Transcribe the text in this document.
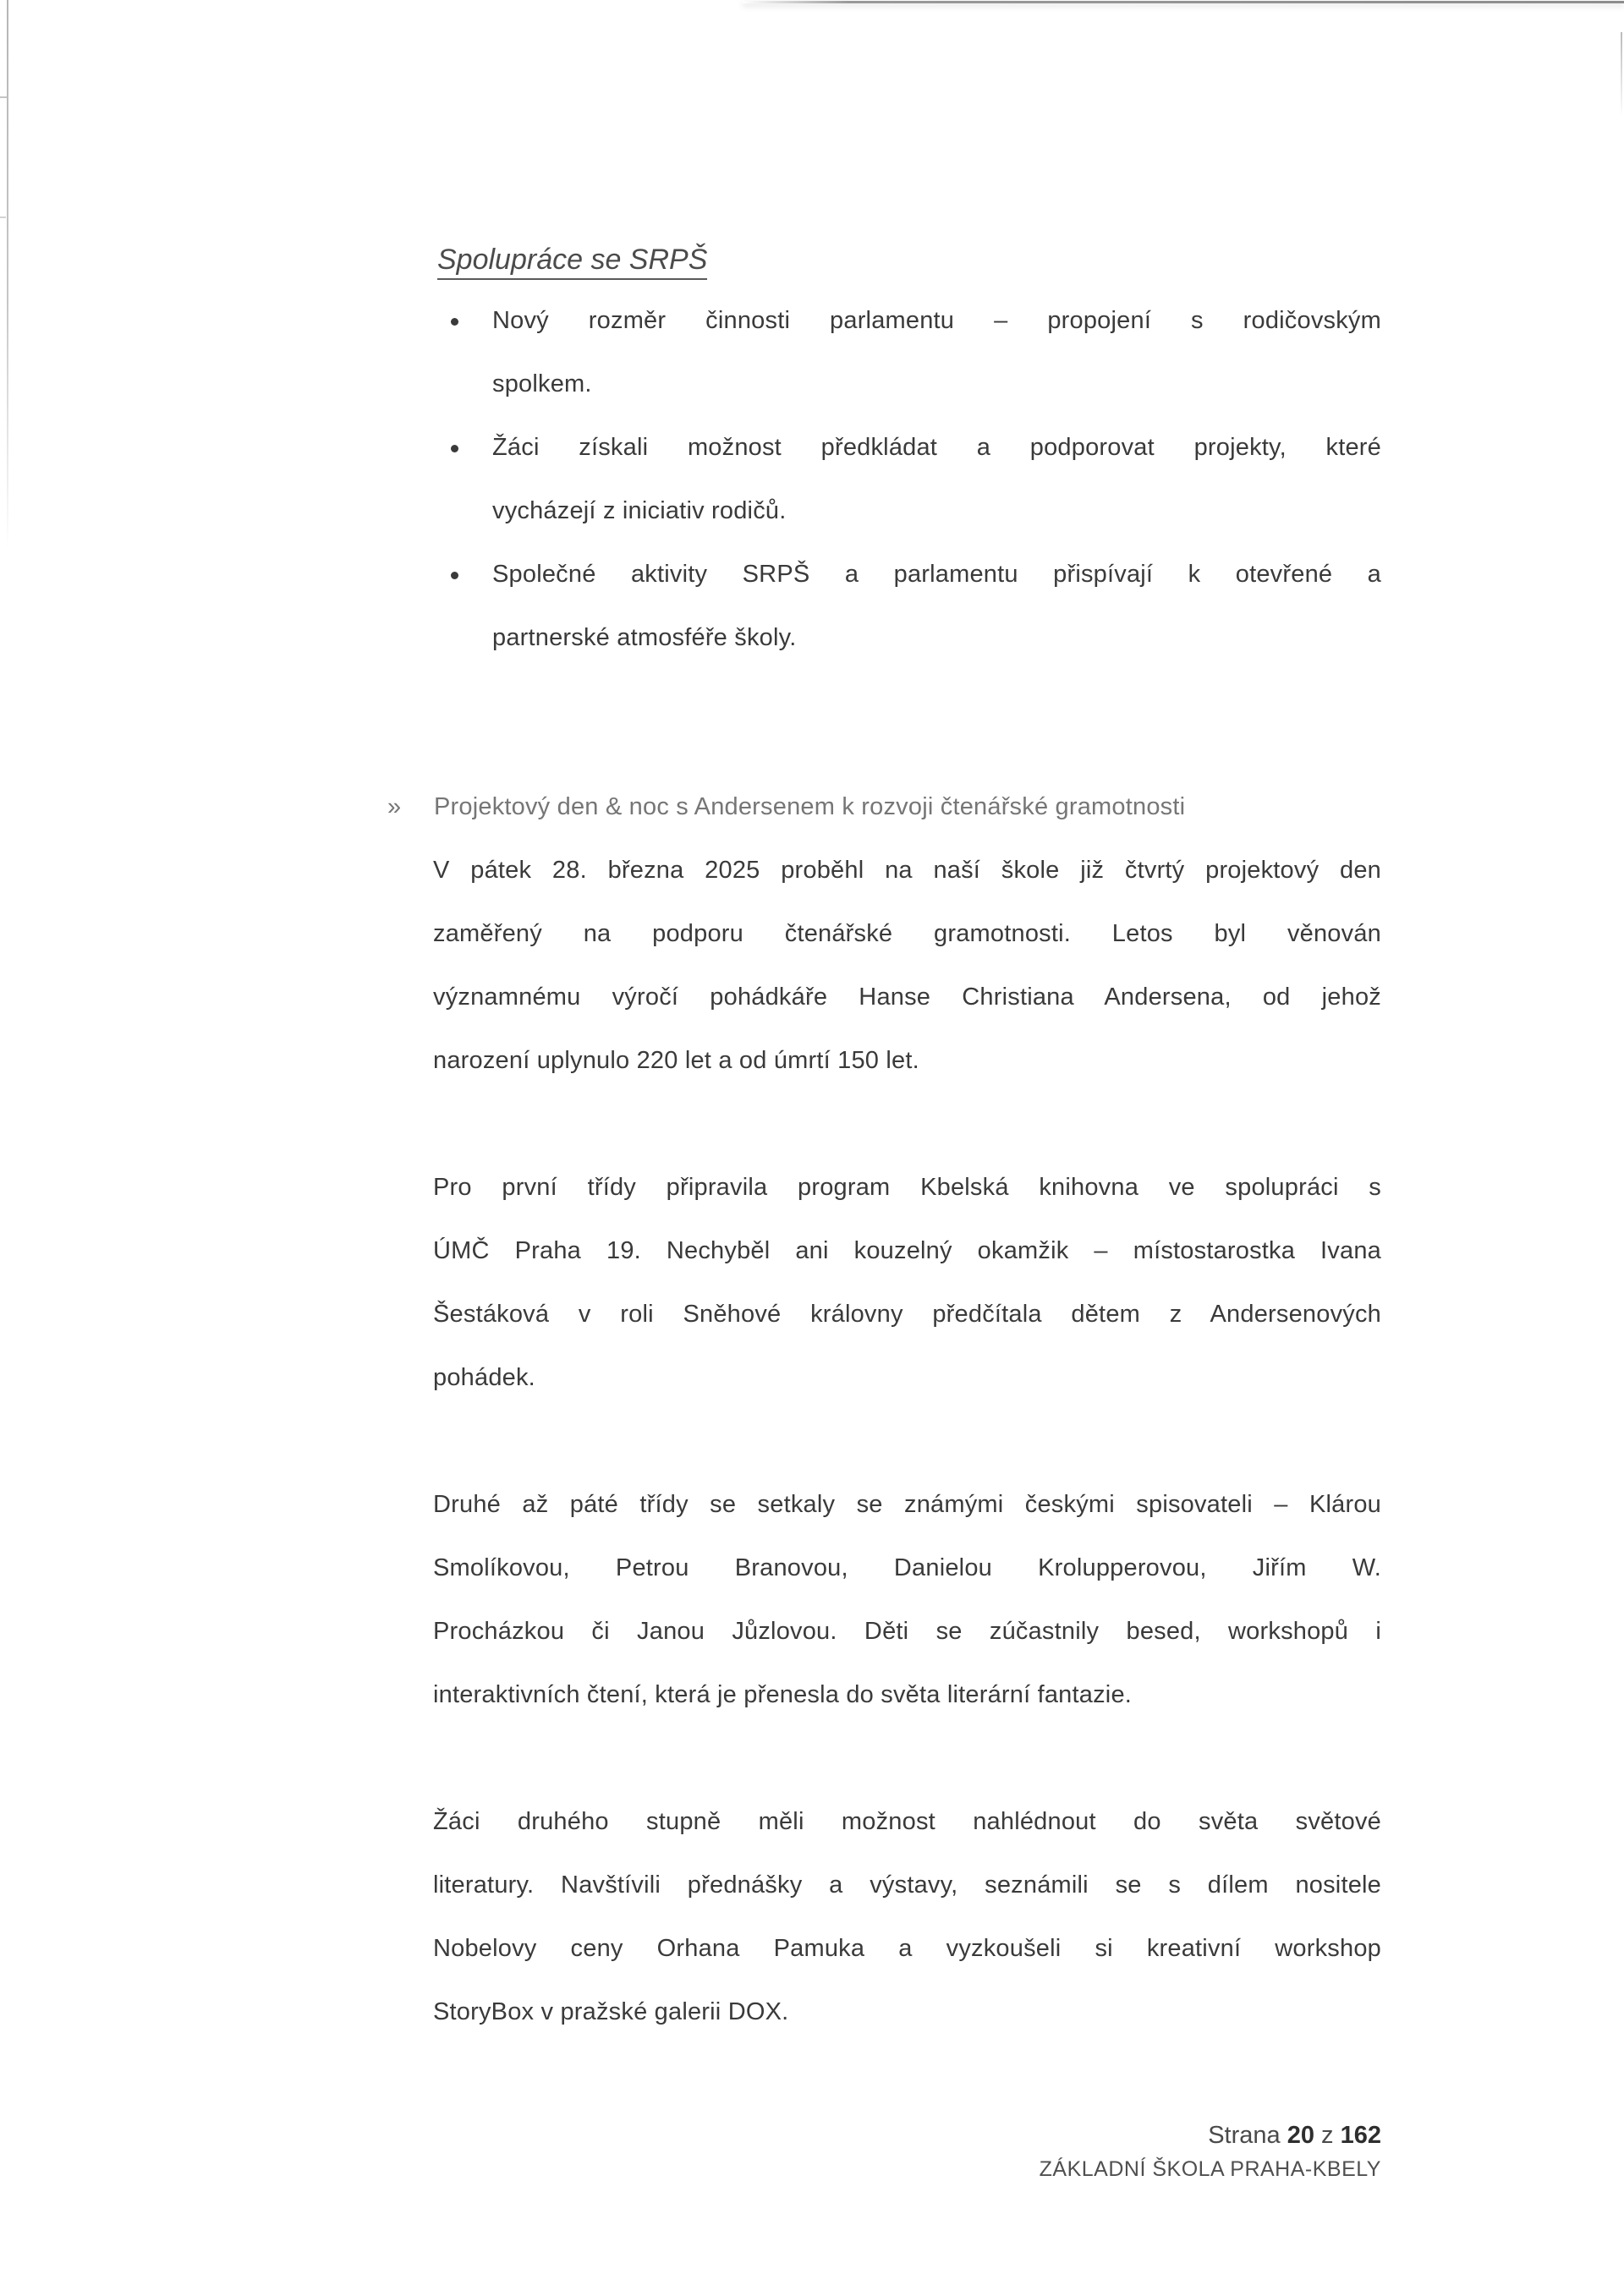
Spolupráce se SRPŠ
Nový rozměr činnosti parlamentu – propojení s rodičovským
spolkem.
Žáci získali možnost předkládat a podporovat projekty, které
vycházejí z iniciativ rodičů.
Společné aktivity SRPŠ a parlamentu přispívají k otevřené a
partnerské atmosféře školy.
» Projektový den & noc s Andersenem k rozvoji čtenářské gramotnosti
V pátek 28. března 2025 proběhl na naší škole již čtvrtý projektový den
zaměřený na podporu čtenářské gramotnosti. Letos byl věnován
významnému výročí pohádkáře Hanse Christiana Andersena, od jehož
narození uplynulo 220 let a od úmrtí 150 let.
Pro první třídy připravila program Kbelská knihovna ve spolupráci s
ÚMČ Praha 19. Nechyběl ani kouzelný okamžik – místostarostka Ivana
Šestáková v roli Sněhové královny předčítala dětem z Andersenových
pohádek.
Druhé až páté třídy se setkaly se známými českými spisovateli – Klárou
Smolíkovou, Petrou Branovou, Danielou Krolupperovou, Jiřím W.
Procházkou či Janou Jůzlovou. Děti se zúčastnily besed, workshopů i
interaktivních čtení, která je přenesla do světa literární fantazie.
Žáci druhého stupně měli možnost nahlédnout do světa světové
literatury. Navštívili přednášky a výstavy, seznámili se s dílem nositele
Nobelovy ceny Orhana Pamuka a vyzkoušeli si kreativní workshop
StoryBox v pražské galerii DOX.
Strana 20 z 162
ZÁKLADNÍ ŠKOLA PRAHA-KBELY
